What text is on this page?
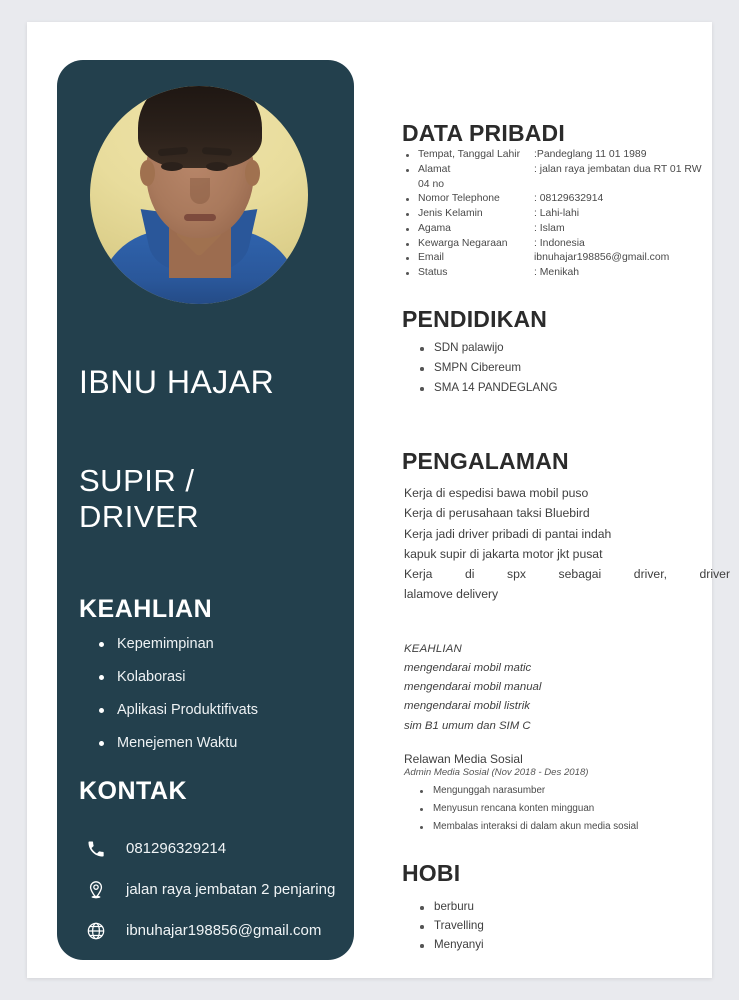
IBNU HAJAR
SUPIR /
DRIVER
KEAHLIAN
Kepemimpinan
Kolaborasi
Aplikasi Produktifivats
Menejemen Waktu
KONTAK
081296329214
jalan raya jembatan 2 penjaring
ibnuhajar198856@gmail.com
DATA PRIBADI
Tempat, Tanggal Lahir	:Pandeglang 11 01 1989
Alamat	: jalan raya jembatan dua RT 01 RW
04 no
Nomor Telephone	: 08129632914
Jenis Kelamin	: Lahi-lahi
Agama	: Islam
Kewarga Negaraan	: Indonesia
Email	ibnuhajar198856@gmail.com
Status	: Menikah
PENDIDIKAN
SDN palawijo
SMPN Cibereum
SMA 14 PANDEGLANG
PENGALAMAN
Kerja di espedisi bawa mobil puso
Kerja di perusahaan taksi Bluebird
Kerja jadi driver pribadi di pantai indah
kapuk supir di jakarta motor jkt pusat
Kerja di spx sebagai driver, driver
lalamove delivery
KEAHLIAN
mengendarai mobil matic
mengendarai mobil manual
mengendarai mobil listrik
sim B1 umum dan SIM C
Relawan Media Sosial
Admin Media Sosial (Nov 2018 - Des 2018)
Mengunggah narasumber
Menyusun rencana konten mingguan
Membalas interaksi di dalam akun media sosial
HOBI
berburu
Travelling
Menyanyi
